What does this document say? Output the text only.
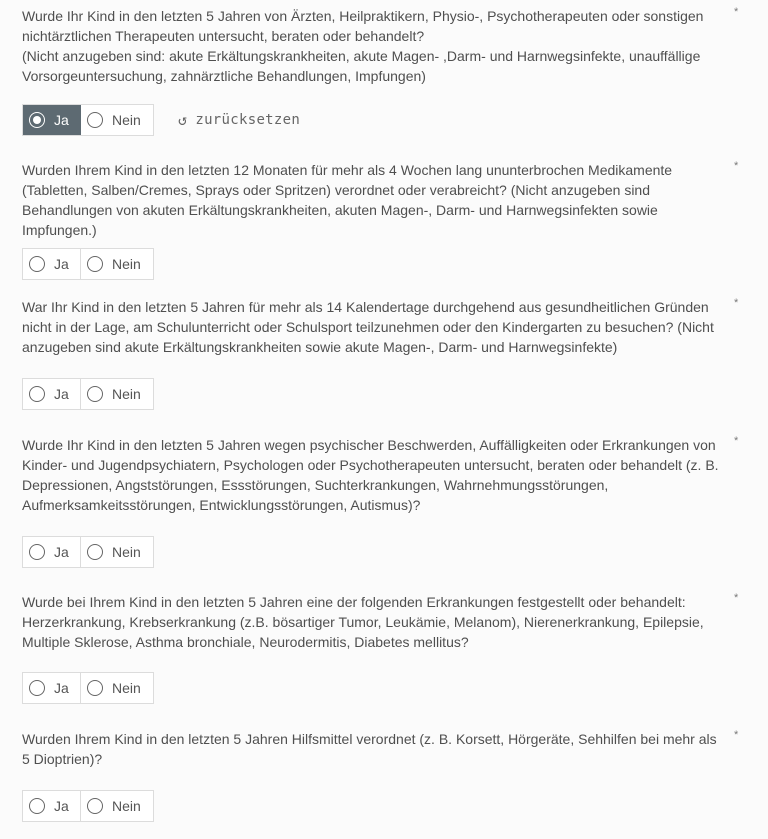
Wurde Ihr Kind in den letzten 5 Jahren von Ärzten, Heilpraktikern, Physio-, Psychotherapeuten oder sonstigen nichtärztlichen Therapeuten untersucht, beraten oder behandelt?
(Nicht anzugeben sind: akute Erkältungskrankheiten, akute Magen- ,Darm- und Harnwegsinfekte, unauffällige Vorsorgeuntersuchung, zahnärztliche Behandlungen, Impfungen)
*
Ja	Nein ↺ zurücksetzen
Wurden Ihrem Kind in den letzten 12 Monaten für mehr als 4 Wochen lang ununterbrochen Medikamente (Tabletten, Salben/Cremes, Sprays oder Spritzen) verordnet oder verabreicht? (Nicht anzugeben sind Behandlungen von akuten Erkältungskrankheiten, akuten Magen-, Darm- und Harnwegsinfekten sowie Impfungen.)
*
Ja	Nein
War Ihr Kind in den letzten 5 Jahren für mehr als 14 Kalendertage durchgehend aus gesundheitlichen Gründen nicht in der Lage, am Schulunterricht oder Schulsport teilzunehmen oder den Kindergarten zu besuchen? (Nicht anzugeben sind akute Erkältungskrankheiten sowie akute Magen-, Darm- und Harnwegsinfekte)
*
Ja	Nein
Wurde Ihr Kind in den letzten 5 Jahren wegen psychischer Beschwerden, Auffälligkeiten oder Erkrankungen von Kinder- und Jugendpsychiatern, Psychologen oder Psychotherapeuten untersucht, beraten oder behandelt (z. B. Depressionen, Angststörungen, Essstörungen, Suchterkrankungen, Wahrnehmungsstörungen, Aufmerksamkeitsstörungen, Entwicklungsstörungen, Autismus)?
*
Ja	Nein
Wurde bei Ihrem Kind in den letzten 5 Jahren eine der folgenden Erkrankungen festgestellt oder behandelt: Herzerkrankung, Krebserkrankung (z.B. bösartiger Tumor, Leukämie, Melanom), Nierenerkrankung, Epilepsie, Multiple Sklerose, Asthma bronchiale, Neurodermitis, Diabetes mellitus?
*
Ja	Nein
Wurden Ihrem Kind in den letzten 5 Jahren Hilfsmittel verordnet (z. B. Korsett, Hörgeräte, Sehhilfen bei mehr als 5 Dioptrien)?
*
Ja	Nein
